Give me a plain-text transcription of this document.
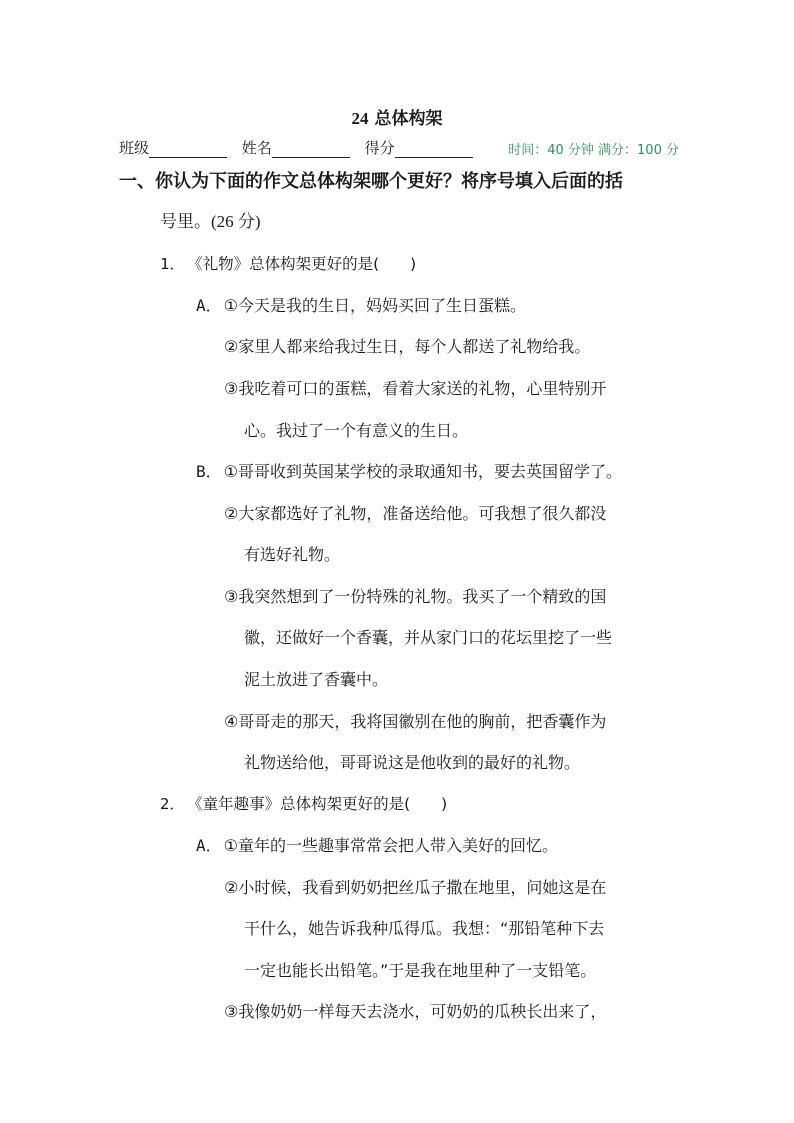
24 总体构架
班级	姓名	得分	时间：40 分钟 满分：100 分
一、你认为下面的作文总体构架哪个更好？将序号填入后面的括
号里。(26 分)
1． 《礼物》总体构架更好的是(　　)
A． ①今天是我的生日，妈妈买回了生日蛋糕。
②家里人都来给我过生日，每个人都送了礼物给我。
③我吃着可口的蛋糕，看着大家送的礼物，心里特别开
心。我过了一个有意义的生日。
B． ①哥哥收到英国某学校的录取通知书，要去英国留学了。
②大家都选好了礼物，准备送给他。可我想了很久都没
有选好礼物。
③我突然想到了一份特殊的礼物。我买了一个精致的国
徽，还做好一个香囊，并从家门口的花坛里挖了一些
泥土放进了香囊中。
④哥哥走的那天，我将国徽别在他的胸前，把香囊作为
礼物送给他，哥哥说这是他收到的最好的礼物。
2． 《童年趣事》总体构架更好的是(　　)
A． ①童年的一些趣事常常会把人带入美好的回忆。
②小时候，我看到奶奶把丝瓜子撒在地里，问她这是在
干什么，她告诉我种瓜得瓜。我想：“那铅笔种下去
一定也能长出铅笔。”于是我在地里种了一支铅笔。
③我像奶奶一样每天去浇水，可奶奶的瓜秧长出来了，
